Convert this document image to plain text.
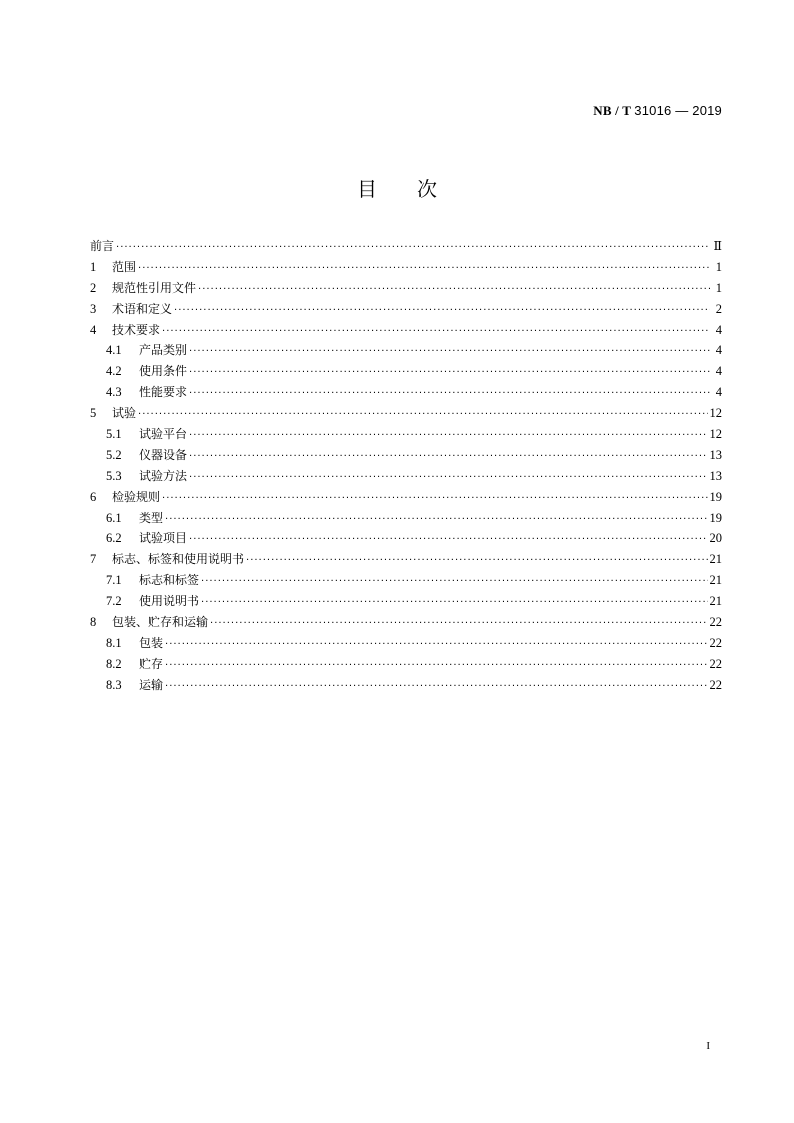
NB / T 31016 — 2019
目次
前言 ·····	Ⅱ
1	范围 ·····	1
2	规范性引用文件 ·····	1
3	术语和定义 ·····	2
4	技术要求 ·····	4
4.1	产品类别 ·····	4
4.2	使用条件 ·····	4
4.3	性能要求 ·····	4
5	试验 ·····	12
5.1	试验平台 ·····	12
5.2	仪器设备 ·····	13
5.3	试验方法 ·····	13
6	检验规则 ·····	19
6.1	类型 ·····	19
6.2	试验项目 ·····	20
7	标志、标签和使用说明书 ·····	21
7.1	标志和标签 ·····	21
7.2	使用说明书 ·····	21
8	包装、贮存和运输 ·····	22
8.1	包装 ·····	22
8.2	贮存 ·····	22
8.3	运输 ·····	22
I
